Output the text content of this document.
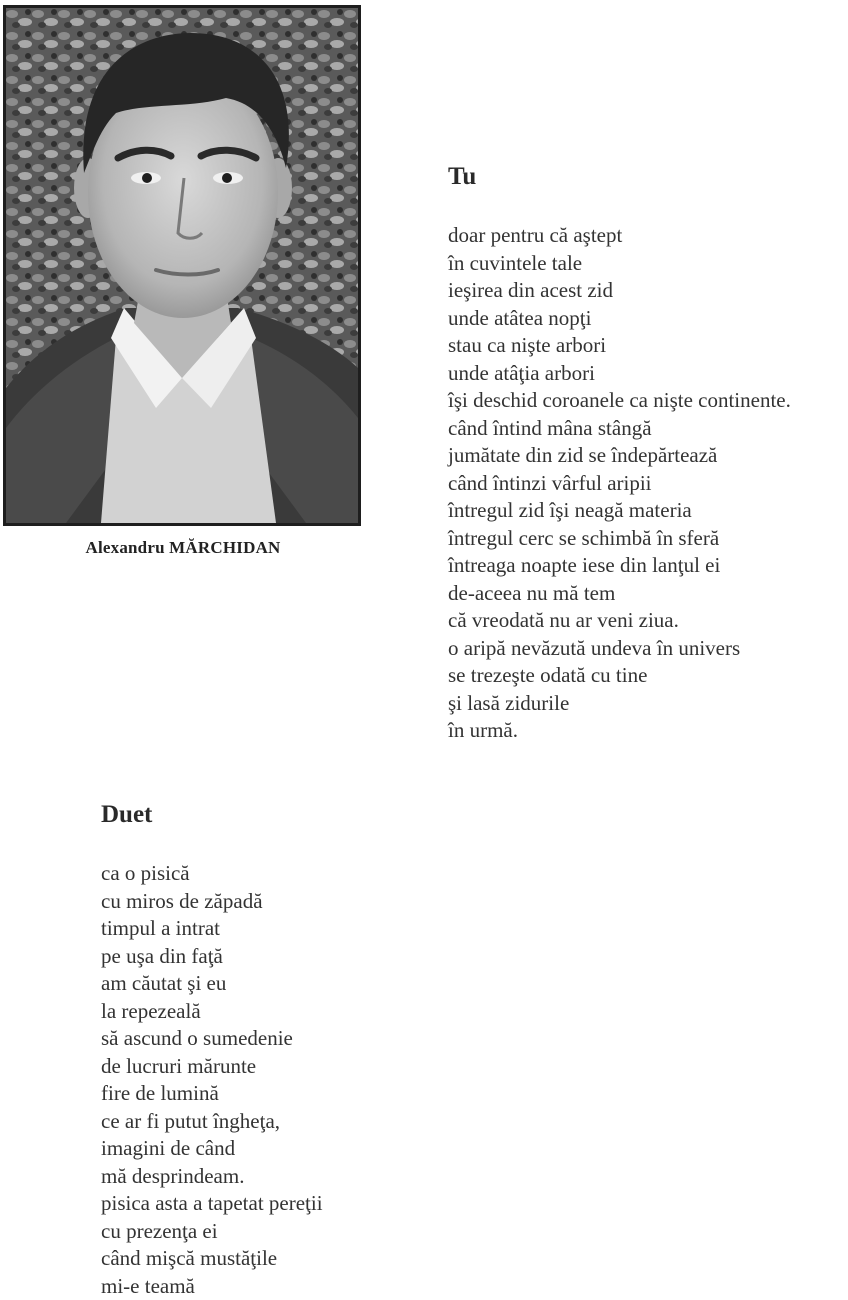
Alexandru MĂRCHIDAN

Tu
doar pentru că aştept
în cuvintele tale
ieşirea din acest zid
unde atâtea nopţi
stau ca nişte arbori
unde atâţia arbori
îşi deschid coroanele ca nişte continente.
când întind mâna stângă
jumătate din zid se îndepărtează
când întinzi vârful aripii
întregul zid îşi neagă materia
întregul cerc se schimbă în sferă
întreaga noapte iese din lanţul ei
de-aceea nu mă tem
că vreodată nu ar veni ziua.
o aripă nevăzută undeva în univers
se trezeşte odată cu tine
şi lasă zidurile
în urmă.
Duet
ca o pisică
cu miros de zăpadă
timpul a intrat
pe uşa din faţă
am căutat şi eu
la repezeală
să ascund o sumedenie
de lucruri mărunte
fire de lumină
ce ar fi putut îngheţa,
imagini de când
mă desprindeam.
pisica asta a tapetat pereţii
cu prezenţa ei
când mişcă mustăţile
mi-e teamă
